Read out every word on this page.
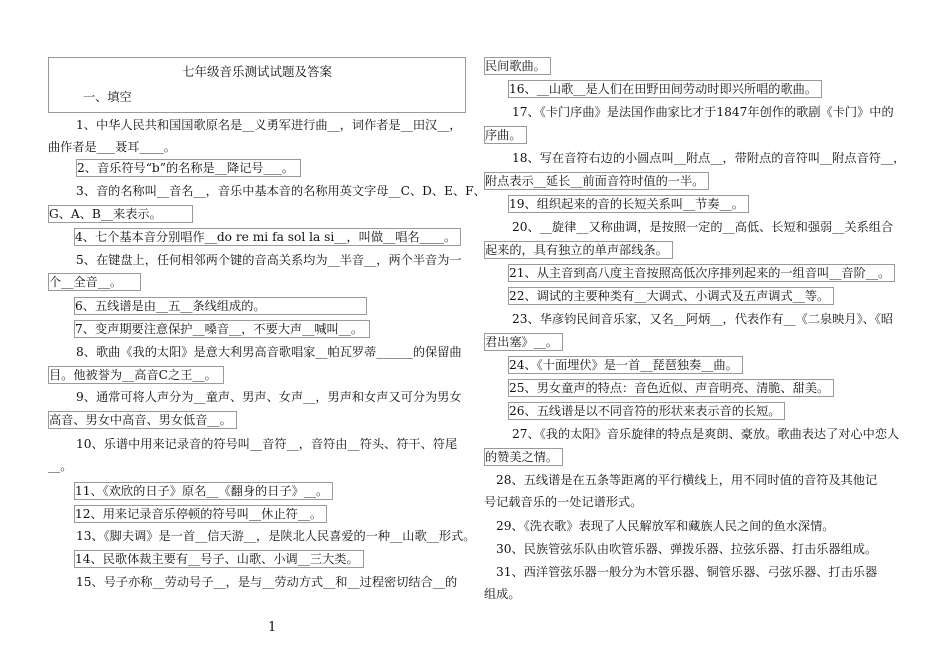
七年级音乐测试试题及答案
一、填空
1、中华人民共和国国歌原名是__义勇军进行曲__，词作者是__田汉__，
曲作者是___聂耳____。
2、音乐符号“b”的名称是__降记号___。
3、音的名称叫__音名__，音乐中基本音的名称用英文字母__C、D、E、F、
G、A、B__来表示。
4、七个基本音分别唱作__do re mi fa sol la si__，叫做__唱名____。
5、在键盘上，任何相邻两个键的音高关系均为__半音__，两个半音为一
个__全音__。
6、五线谱是由__五__条线组成的。
7、变声期要注意保护__嗓音__，不要大声__喊叫__。
8、歌曲《我的太阳》是意大利男高音歌唱家__帕瓦罗蒂______的保留曲
目。他被誉为__高音C之王__。
9、通常可将人声分为__童声、男声、女声__，男声和女声又可分为男女
高音、男女中高音、男女低音__。
10、乐谱中用来记录音的符号叫__音符__，音符由__符头、符干、符尾
__。
11、《欢欣的日子》原名__《翻身的日子》__。
12、用来记录音乐停顿的符号叫__休止符__。
13、《脚夫调》是一首__信天游__，是陕北人民喜爱的一种__山歌__形式。
14、民歌体裁主要有__号子、山歌、小调__三大类。
15、号子亦称__劳动号子__，是与__劳动方式__和__过程密切结合__的
民间歌曲。
16、__山歌__是人们在田野田间劳动时即兴所唱的歌曲。
17、《卡门序曲》是法国作曲家比才于1847年创作的歌剧《卡门》中的
序曲。
18、写在音符右边的小圆点叫__附点__，带附点的音符叫__附点音符__，
附点表示__延长__前面音符时值的一半。
19、组织起来的音的长短关系叫__节奏__。
20、__旋律__又称曲调，是按照一定的__高低、长短和强弱__关系组合
起来的，具有独立的单声部线条。
21、从主音到高八度主音按照高低次序排列起来的一组音叫__音阶__。
22、调试的主要种类有__大调式、小调式及五声调式__等。
23、华彦钧民间音乐家，又名__阿炳__，代表作有__《二泉映月》、《昭
君出塞》__。
24、《十面埋伏》是一首__琵琶独奏__曲。
25、男女童声的特点：音色近似、声音明亮、清脆、甜美。
26、五线谱是以不同音符的形状来表示音的长短。
27、《我的太阳》音乐旋律的特点是爽朗、豪放。歌曲表达了对心中恋人
的赞美之情。
28、五线谱是在五条等距离的平行横线上，用不同时值的音符及其他记
号记载音乐的一处记谱形式。
29、《洗衣歌》表现了人民解放军和藏族人民之间的鱼水深情。
30、民族管弦乐队由吹管乐器、弹拨乐器、拉弦乐器、打击乐器组成。
31、西洋管弦乐器一般分为木管乐器、铜管乐器、弓弦乐器、打击乐器
组成。
1
